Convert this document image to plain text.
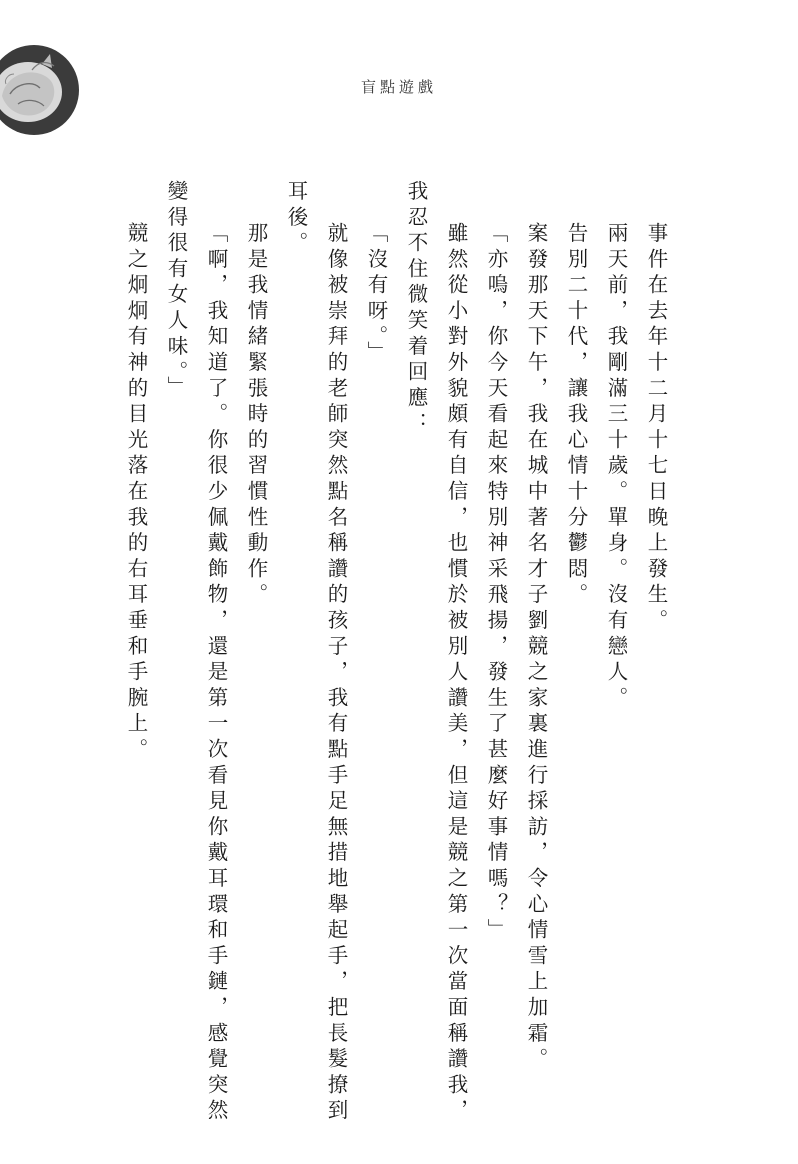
盲點遊戲
事件在去年十二月十七日晚上發生。
兩天前，我剛滿三十歲。單身。沒有戀人。
告別二十代，讓我心情十分鬱悶。
案發那天下午，我在城中著名才子劉競之家裏進行採訪，令心情雪上加霜。
「亦嗚，你今天看起來特別神采飛揚，發生了甚麼好事情嗎？」
雖然從小對外貌頗有自信，也慣於被別人讚美，但這是競之第一次當面稱讚我，
我忍不住微笑着回應：
「沒有呀。」
就像被崇拜的老師突然點名稱讚的孩子，我有點手足無措地舉起手，把長髮撩到
耳後。
那是我情緒緊張時的習慣性動作。
「啊，我知道了。你很少佩戴飾物，還是第一次看見你戴耳環和手鏈，感覺突然
變得很有女人味。」
競之炯炯有神的目光落在我的右耳垂和手腕上。
